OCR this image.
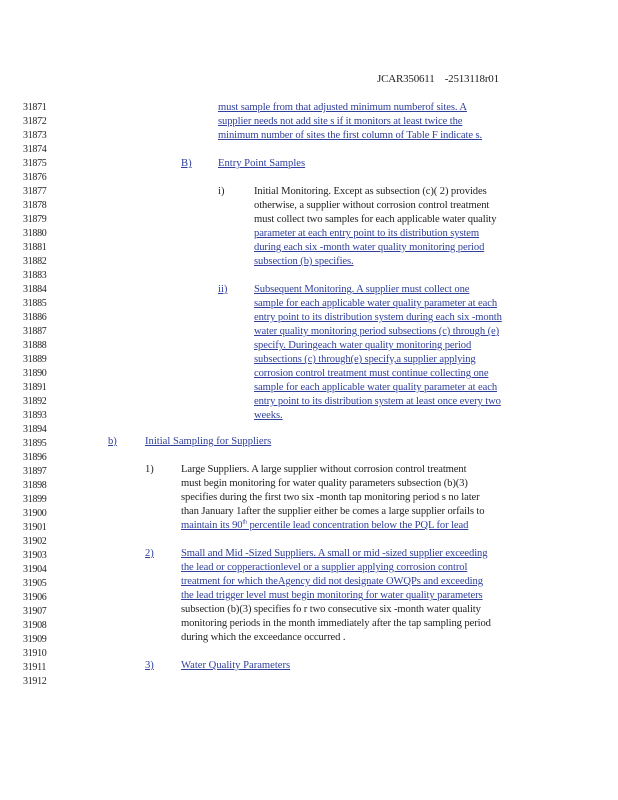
JCAR350611    -2513118r01
31871
31872
31873
31874
31875
31876
31877
31878
31879
31880
31881
31882
31883
31884
31885
31886
31887
31888
31889
31890
31891
31892
31893
31894
31895
31896
31897
31898
31899
31900
31901
31902
31903
31904
31905
31906
31907
31908
31909
31910
31911
31912
must sample from that adjusted minimum numberof sites. A
supplier needs not add site s if it monitors at least twice the
minimum number of sites the first column of Table F indicate s.
B) Entry Point Samples
i)	Initial Monitoring. Except as subsection (c)( 2) provides
otherwise, a supplier without corrosion control treatment
must collect two samples for each applicable water quality
parameter at each entry point to its distribution system
during each six -month water quality monitoring period
subsection (b) specifies.
ii)	Subsequent Monitoring. A supplier must collect one
sample for each applicable water quality parameter at each
entry point to its distribution system during each six -month
water quality monitoring period subsections (c) through (e)
specify. Duringeach water quality monitoring period
subsections (c) through(e) specify,a supplier applying
corrosion control treatment must continue collecting one
sample for each applicable water quality parameter at each
entry point to its distribution system at least once every two
weeks.
b)	Initial Sampling for Suppliers
1)	Large Suppliers. A large supplier without corrosion control treatment
must begin monitoring for water quality parameters subsection (b)(3)
specifies during the first two six -month tap monitoring period s no later
than January 1after the supplier either be comes a large supplier orfails to
maintain its 90th percentile lead concentration below the PQL for lead
2)	Small and Mid -Sized Suppliers. A small or mid -sized supplier exceeding
the lead or copperactionlevel or a supplier applying corrosion control
treatment for which theAgency did not designate OWQPs and exceeding
the lead trigger level must begin monitoring for water quality parameters
subsection (b)(3) specifies fo r two consecutive six -month water quality
monitoring periods in the month immediately after the tap sampling period
during which the exceedance occurred .
3)	Water Quality Parameters
